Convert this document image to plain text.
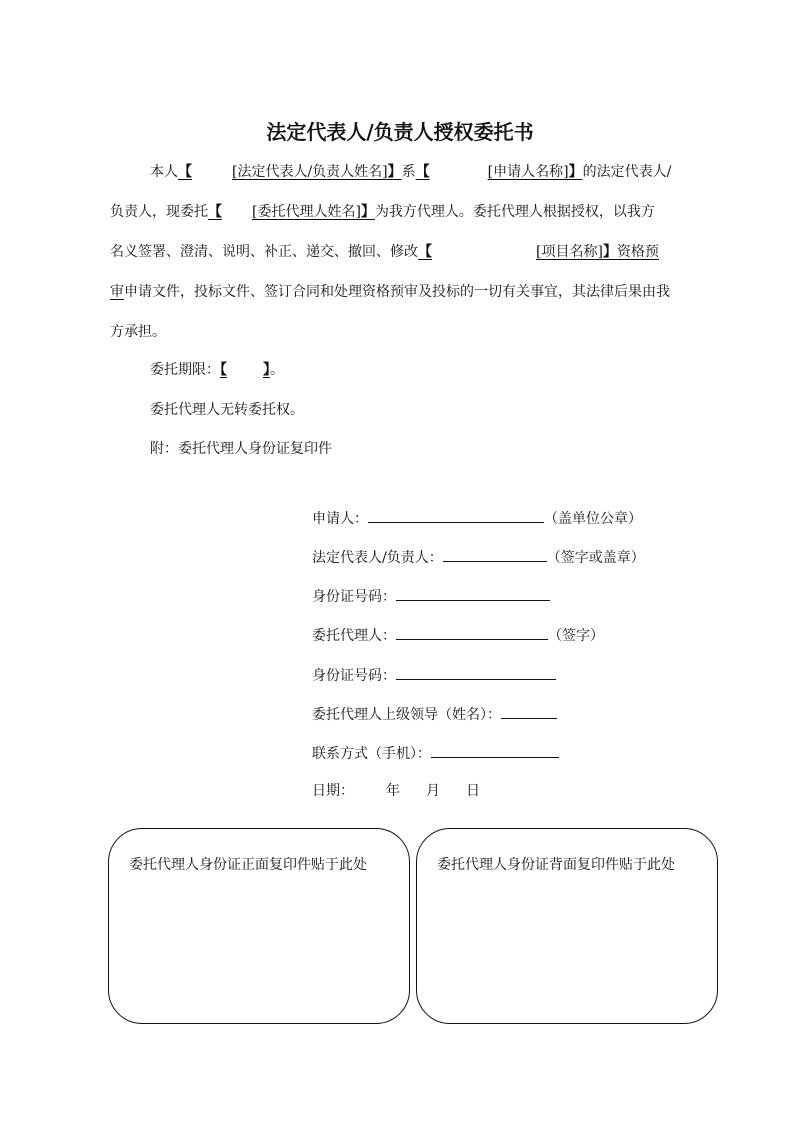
法定代表人/负责人授权委托书
本人【	[法定代表人/负责人姓名]】系【	[申请人名称]】的法定代表人/
负责人，现委托【 [委托代理人姓名]】为我方代理人。委托代理人根据授权，以我方
名义签署、澄清、说明、补正、递交、撤回、修改【	[项目名称]】资格预
审申请文件，投标文件、签订合同和处理资格预审及投标的一切有关事宜，其法律后果由我
方承担。
委托期限：【	】。
委托代理人无转委托权。
附：委托代理人身份证复印件
申请人：	（盖单位公章）
法定代表人/负责人：	（签字或盖章）
身份证号码：
委托代理人：	（签字）
身份证号码：
委托代理人上级领导（姓名）：
联系方式（手机）：
日期： 年 月 日
委托代理人身份证正面复印件贴于此处	委托代理人身份证背面复印件贴于此处
